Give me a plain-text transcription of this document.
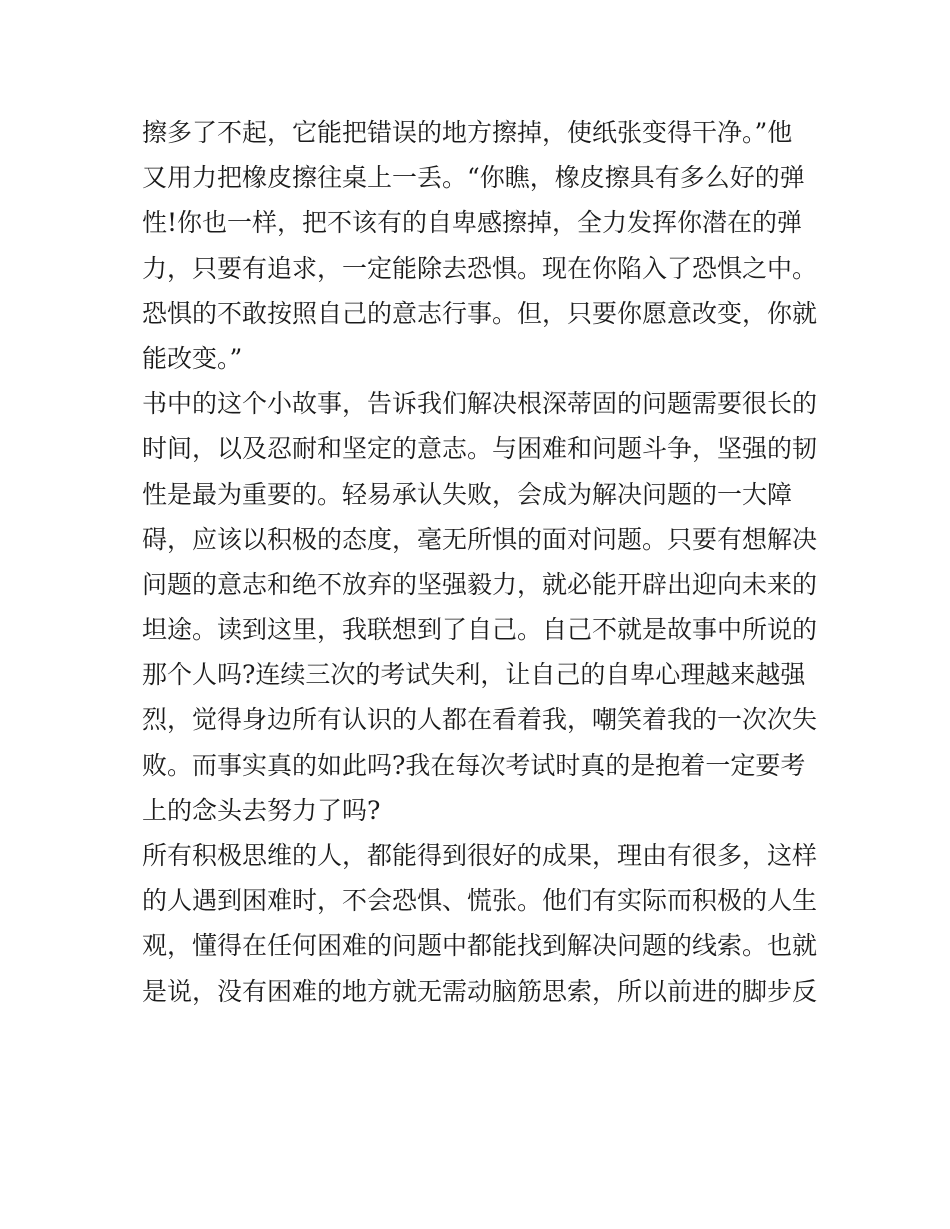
擦多了不起，它能把错误的地方擦掉，使纸张变得干净。”他
又用力把橡皮擦往桌上一丢。“你瞧，橡皮擦具有多么好的弹
性!你也一样，把不该有的自卑感擦掉，全力发挥你潜在的弹
力，只要有追求，一定能除去恐惧。现在你陷入了恐惧之中。
恐惧的不敢按照自己的意志行事。但，只要你愿意改变，你就
能改变。”
书中的这个小故事，告诉我们解决根深蒂固的问题需要很长的
时间，以及忍耐和坚定的意志。与困难和问题斗争，坚强的韧
性是最为重要的。轻易承认失败，会成为解决问题的一大障
碍，应该以积极的态度，毫无所惧的面对问题。只要有想解决
问题的意志和绝不放弃的坚强毅力，就必能开辟出迎向未来的
坦途。读到这里，我联想到了自己。自己不就是故事中所说的
那个人吗?连续三次的考试失利，让自己的自卑心理越来越强
烈，觉得身边所有认识的人都在看着我，嘲笑着我的一次次失
败。而事实真的如此吗?我在每次考试时真的是抱着一定要考
上的念头去努力了吗?
所有积极思维的人，都能得到很好的成果，理由有很多，这样
的人遇到困难时，不会恐惧、慌张。他们有实际而积极的人生
观，懂得在任何困难的问题中都能找到解决问题的线索。也就
是说，没有困难的地方就无需动脑筋思索，所以前进的脚步反
